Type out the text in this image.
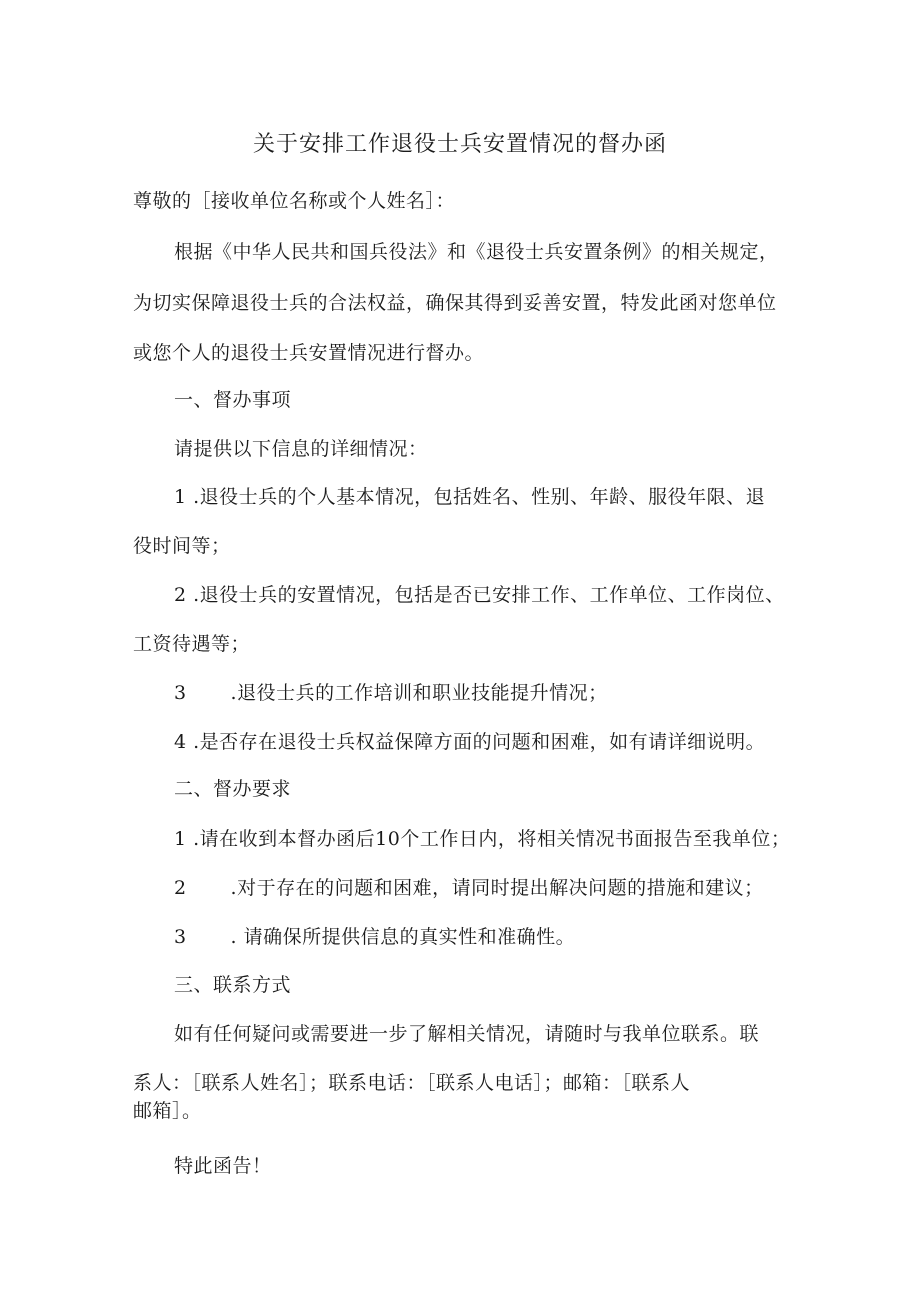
关于安排工作退役士兵安置情况的督办函
尊敬的［接收单位名称或个人姓名］：
根据《中华人民共和国兵役法》和《退役士兵安置条例》的相关规定，
为切实保障退役士兵的合法权益，确保其得到妥善安置，特发此函对您单位
或您个人的退役士兵安置情况进行督办。
一、督办事项
请提供以下信息的详细情况：
1 .退役士兵的个人基本情况，包括姓名、性别、年龄、服役年限、退
役时间等；
2 .退役士兵的安置情况，包括是否已安排工作、工作单位、工作岗位、
工资待遇等；
3 .退役士兵的工作培训和职业技能提升情况；
4 .是否存在退役士兵权益保障方面的问题和困难，如有请详细说明。
二、督办要求
1 .请在收到本督办函后10个工作日内，将相关情况书面报告至我单位；
2 .对于存在的问题和困难，请同时提出解决问题的措施和建议；
3 . 请确保所提供信息的真实性和准确性。
三、联系方式
如有任何疑问或需要进一步了解相关情况，请随时与我单位联系。联
系人：［联系人姓名］；联系电话：［联系人电话］；邮箱：［联系人
邮箱］。
特此函告！
